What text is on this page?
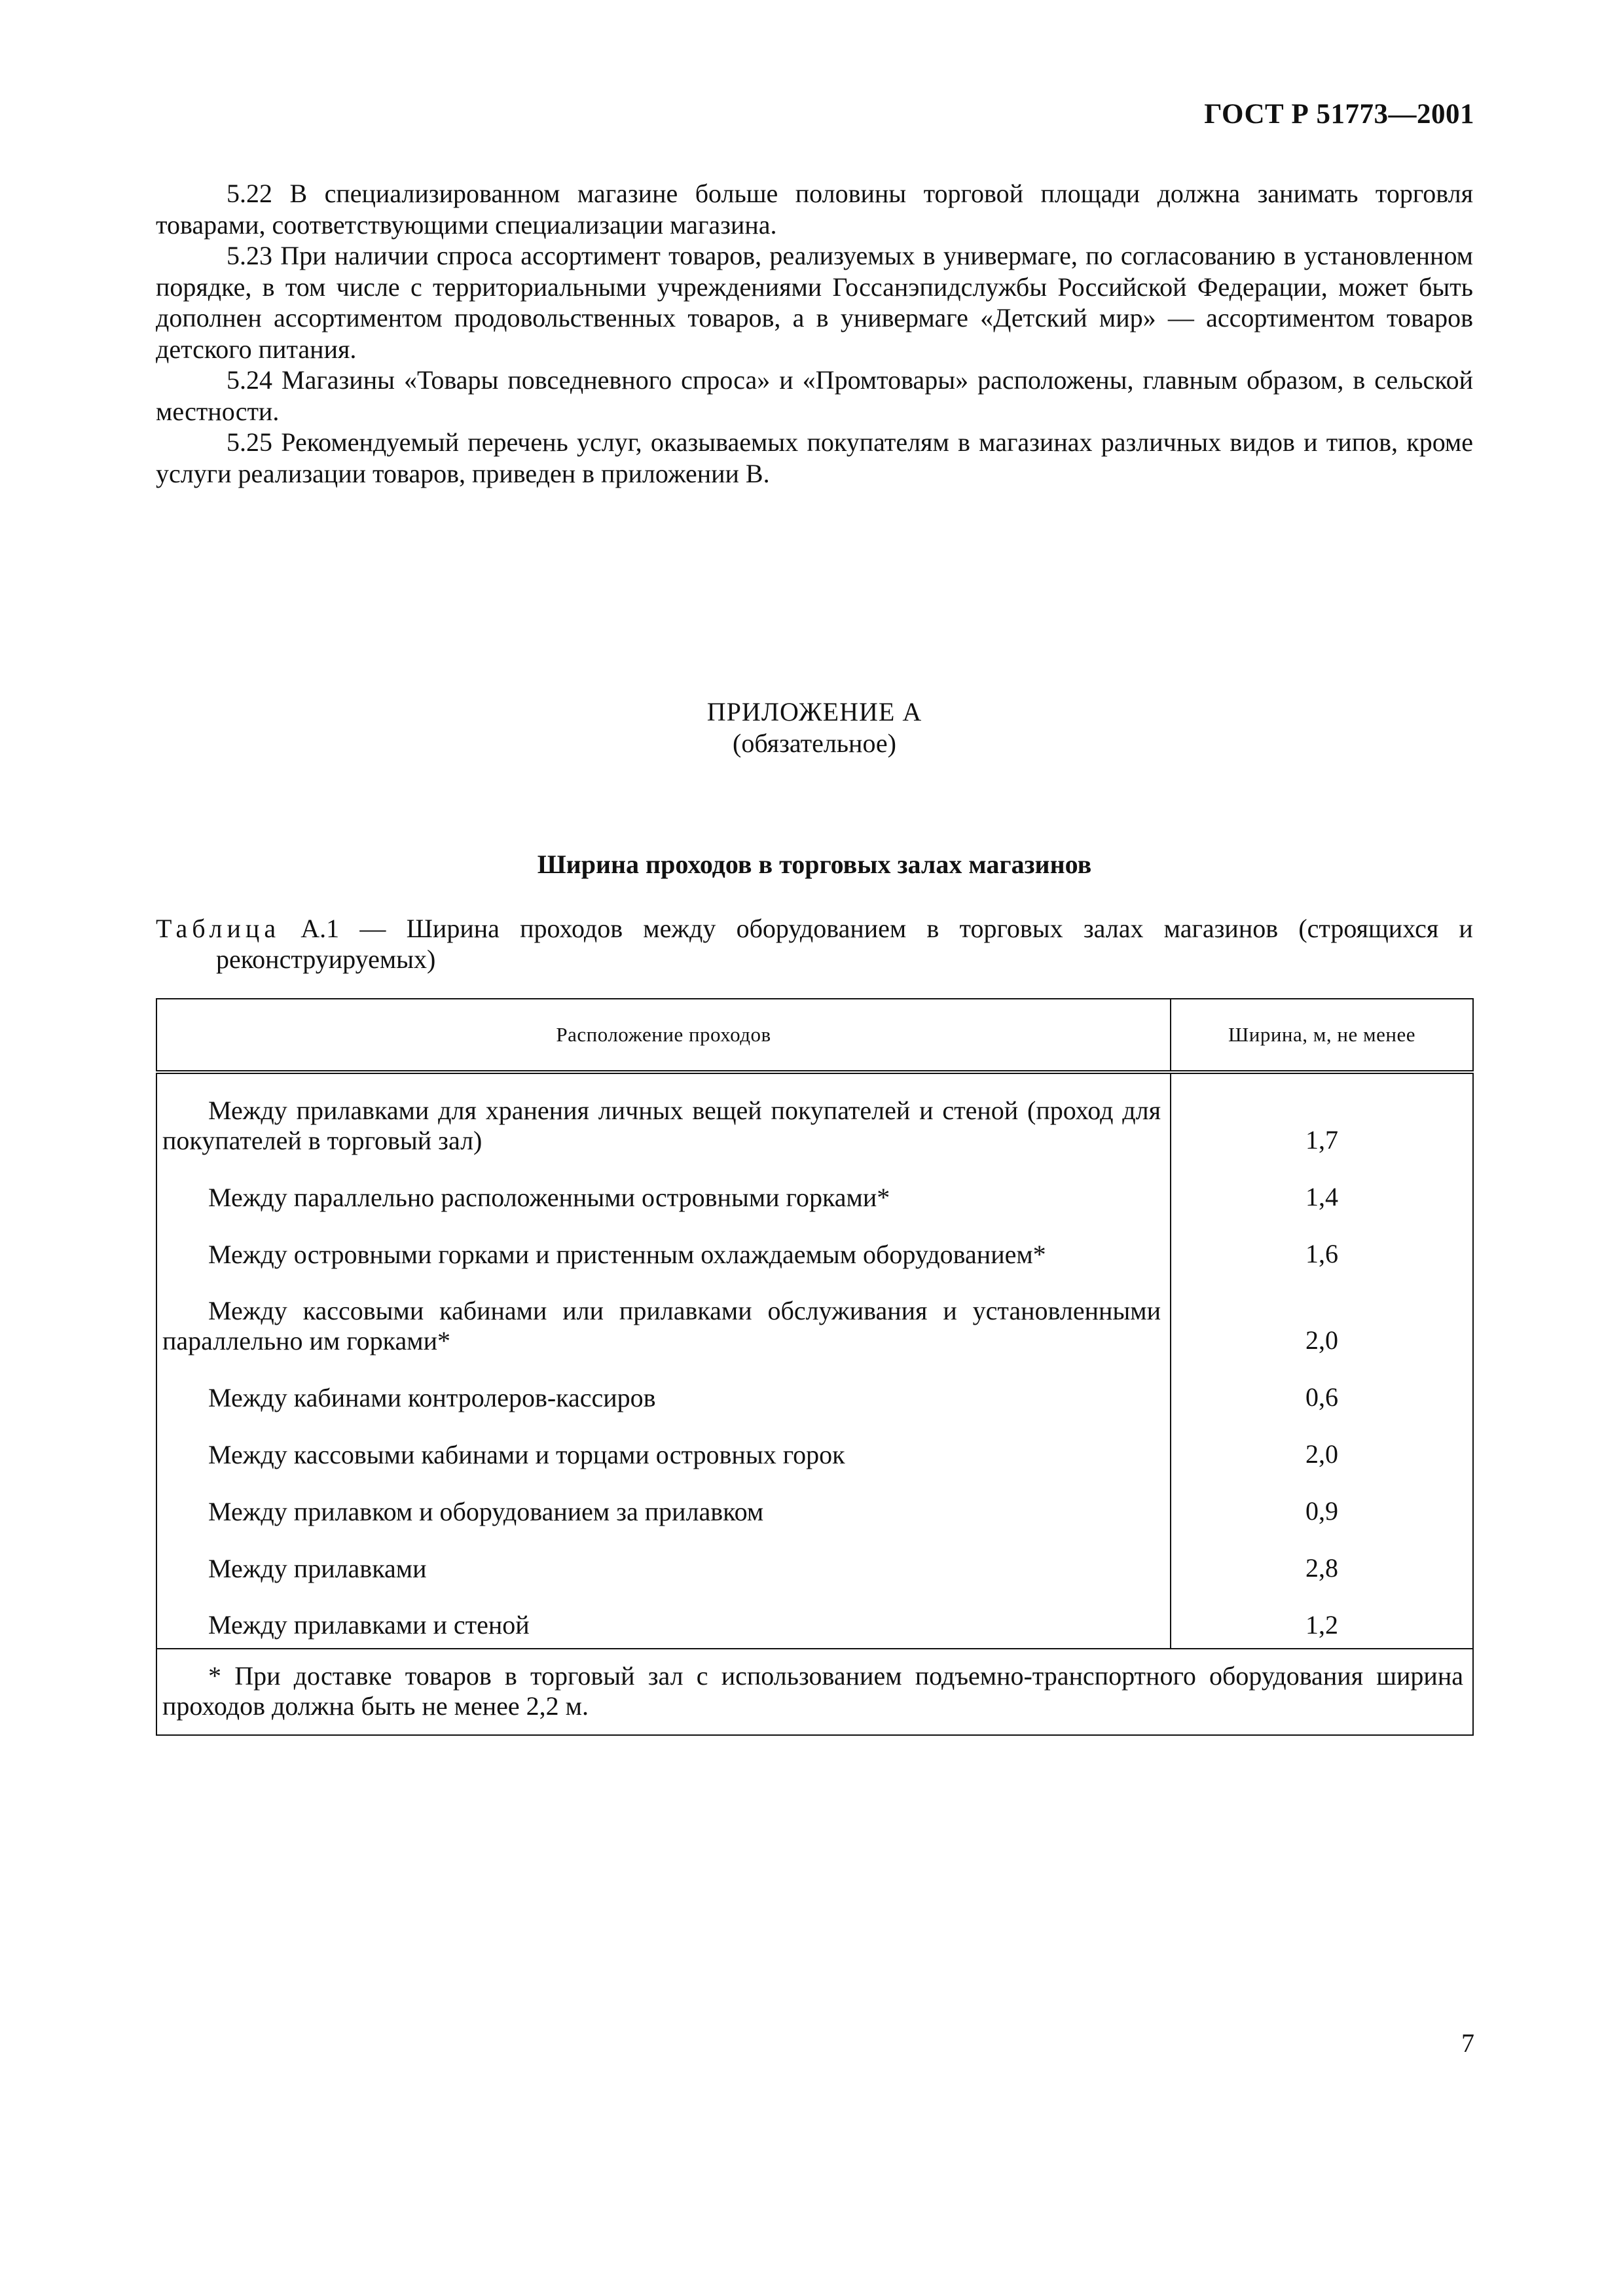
ГОСТ Р 51773—2001

5.22 В специализированном магазине больше половины торговой площади должна занимать торговля товарами, соответствующими специализации магазина.

5.23 При наличии спроса ассортимент товаров, реализуемых в универмаге, по согласованию в установленном порядке, в том числе с территориальными учреждениями Госсанэпидслужбы Российской Федерации, может быть дополнен ассортиментом продовольственных товаров, а в универмаге «Детский мир» — ассортиментом товаров детского питания.

5.24 Магазины «Товары повседневного спроса» и «Промтовары» расположены, главным образом, в сельской местности.

5.25 Рекомендуемый перечень услуг, оказываемых покупателям в магазинах различных видов и типов, кроме услуги реализации товаров, приведен в приложении В.

ПРИЛОЖЕНИЕ А
(обязательное)
Ширина проходов в торговых залах магазинов
Таблица А.1 — Ширина проходов между оборудованием в торговых залах магазинов (строящихся и
реконструируемых)
Расположение проходов	Ширина, м, не менее

Между прилавками для хранения личных вещей покупателей и стеной (проход для покупателей в торговый зал)	1,7

Между параллельно расположенными островными горками*	1,4

Между островными горками и пристенным охлаждаемым оборудованием*	1,6

Между кассовыми кабинами или прилавками обслуживания и установленными параллельно им горками*	2,0

Между кабинами контролеров-кассиров	0,6

Между кассовыми кабинами и торцами островных горок	2,0

Между прилавком и оборудованием за прилавком	0,9

Между прилавками	2,8

Между прилавками и стеной	1,2

* При доставке товаров в торговый зал с использованием подъемно-транспортного оборудования ширина проходов должна быть не менее 2,2 м.	
7
